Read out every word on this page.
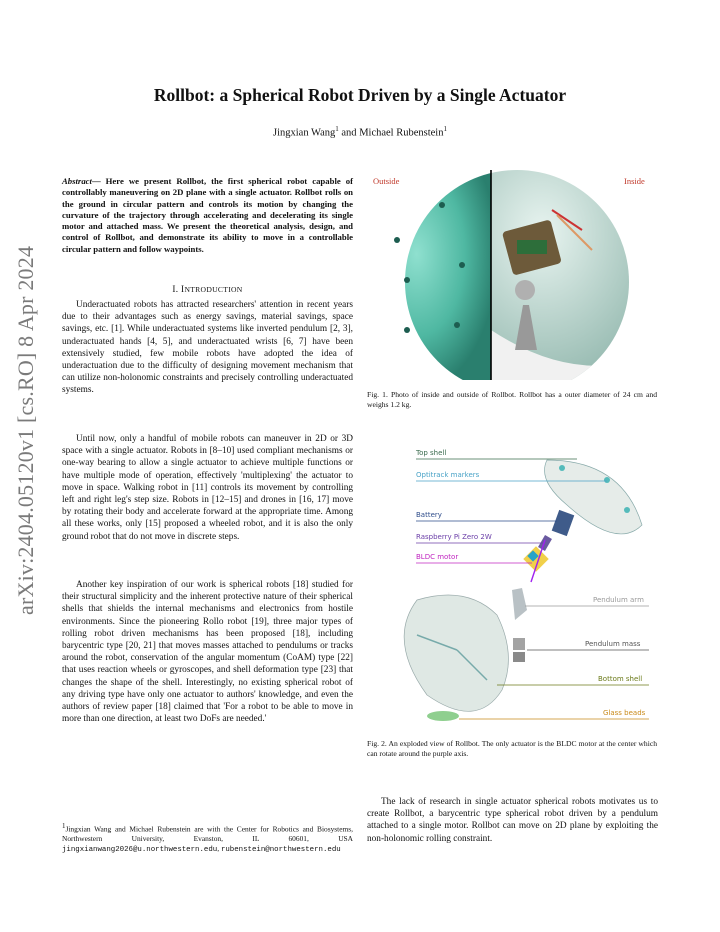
arXiv:2404.05120v1 [cs.RO] 8 Apr 2024
Rollbot: a Spherical Robot Driven by a Single Actuator
Jingxian Wang$^1$ and Michael Rubenstein$^1$
Abstract— Here we present Rollbot, the first spherical robot capable of controllably maneuvering on 2D plane with a single actuator. Rollbot rolls on the ground in circular pattern and controls its motion by changing the curvature of the trajectory through accelerating and decelerating its single motor and attached mass. We present the theoretical analysis, design, and control of Rollbot, and demonstrate its ability to move in a controllable circular pattern and follow waypoints.
I. INTRODUCTION

Underactuated robots has attracted researchers' attention in recent years due to their advantages such as energy savings, material savings, space savings, etc. [1]. While underactuated systems like inverted pendulum [2, 3], underactuated hands [4, 5], and underactuated wrists [6, 7] have been extensively studied, few mobile robots have adopted the idea of underactuation due to the difficulty of designing movement mechanism that can utilize non-holonomic constraints and precisely controlling underactuated systems.

Until now, only a handful of mobile robots can maneuver in 2D or 3D space with a single actuator. Robots in [8–10] used compliant mechanisms or one-way bearing to allow a single actuator to achieve multiple functions or have multiple mode of operation, effectively 'multiplexing' the actuator to move in space. Walking robot in [11] controls its movement by controlling left and right leg's step size. Robots in [12–15] and drones in [16, 17] move by rotating their body and accelerate forward at the appropriate time. Among all these works, only [15] proposed a wheeled robot, and it is also the only ground robot that do not move in discrete steps.

Another key inspiration of our work is spherical robots [18] studied for their structural simplicity and the inherent protective nature of their spherical shells that shields the internal mechanisms and electronics from hostile environments. Since the pioneering Rollo robot [19], three major types of rolling robot driven mechanisms has been proposed [18], including barycentric type [20, 21] that moves masses attached to pendulums or tracks around the robot, conservation of the angular momentum (CoAM) type [22] that uses reaction wheels or gyroscopes, and shell deformation type [23] that changes the shape of the shell. Interestingly, no existing spherical robot of any driving type have only one actuator to authors' knowledge, and even the authors of review paper [18] claimed that 'For a robot to be able to move in more than one direction, at least two DoFs are needed.'

$^1$Jingxian Wang and Michael Rubenstein are with the Center for Robotics and Biosystems, Northwestern University, Evanston, IL 60601, USA jingxianwang2026@u.northwestern.edu, rubenstein@northwestern.edu
Outside	Inside
Fig. 1. Photo of inside and outside of Rollbot. Rollbot has a outer diameter of 24 cm and weighs 1.2 kg.
Top shell
Optitrack markers
Battery
Raspberry Pi Zero 2W
BLDC motor
Pendulum arm
Pendulum mass
Bottom shell
Glass beads
Fig. 2. An exploded view of Rollbot. The only actuator is the BLDC motor at the center which can rotate around the purple axis.

The lack of research in single actuator spherical robots motivates us to create Rollbot, a barycentric type spherical robot driven by a pendulum attached to a single motor. Rollbot can move on 2D plane by exploiting the non-holonomic rolling constraint.
